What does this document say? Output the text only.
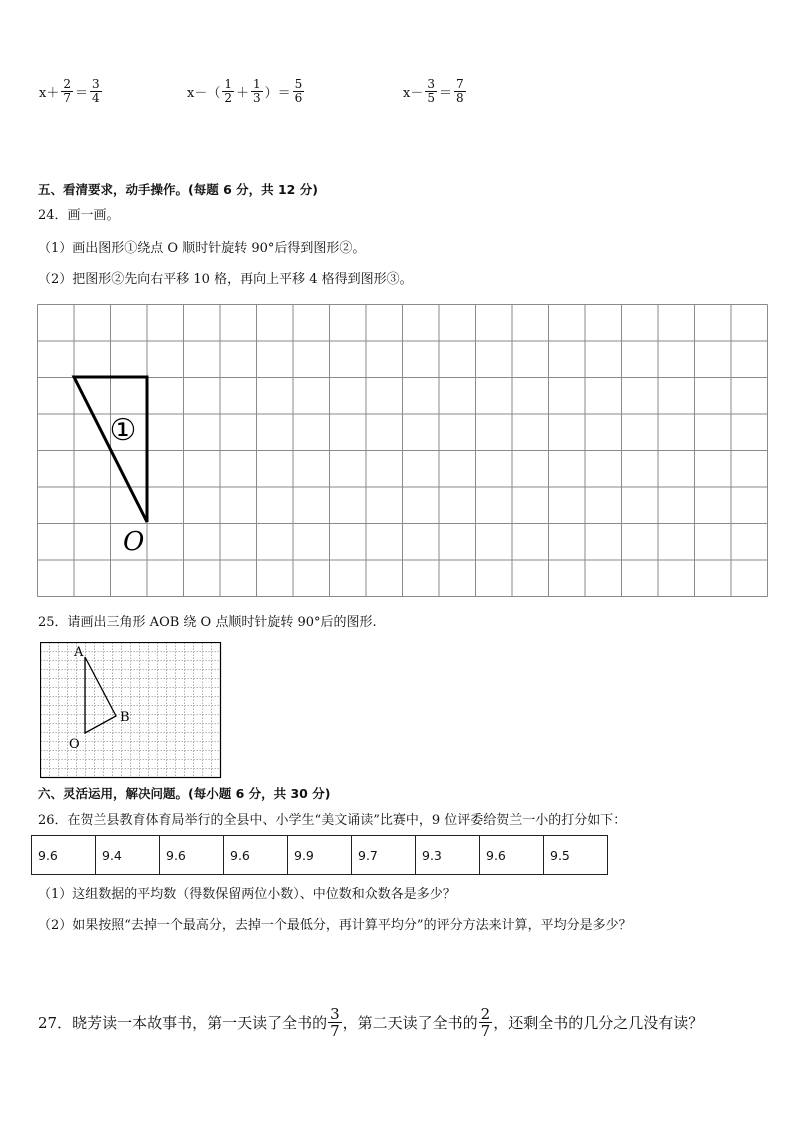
$x+ \frac{2}{7} = \frac{3}{4}$	$x-( \frac{1}{2} + \frac{1}{3}$ ）＝ $\frac{5}{6}$	$x- \frac{3}{5} = \frac{7}{8}$
五、看清要求，动手操作。(每题 6 分，共 12 分)
24．画一画。
（1）画出图形①绕点 O 顺时针旋转 90°后得到图形②。
（2）把图形②先向右平移 10 格，再向上平移 4 格得到图形③。
①
O
25．请画出三角形 AOB 绕 O 点顺时针旋转 90°后的图形.
A
B
O
六、灵活运用，解决问题。(每小题 6 分，共 30 分)
26．在贺兰县教育体育局举行的全县中、小学生“美文诵读”比赛中，9 位评委给贺兰一小的打分如下：
9.6	9.4	9.6	9.6	9.9	9.7	9.3	9.6	9.5
（1）这组数据的平均数（得数保留两位小数）、中位数和众数各是多少？
（2）如果按照“去掉一个最高分，去掉一个最低分，再计算平均分”的评分方法来计算，平均分是多少？
27．晓芳读一本故事书，第一天读了全书的 $\frac{3}{7}$ ，第二天读了全书的 $\frac{2}{7}$ ，还剩全书的几分之几没有读？
